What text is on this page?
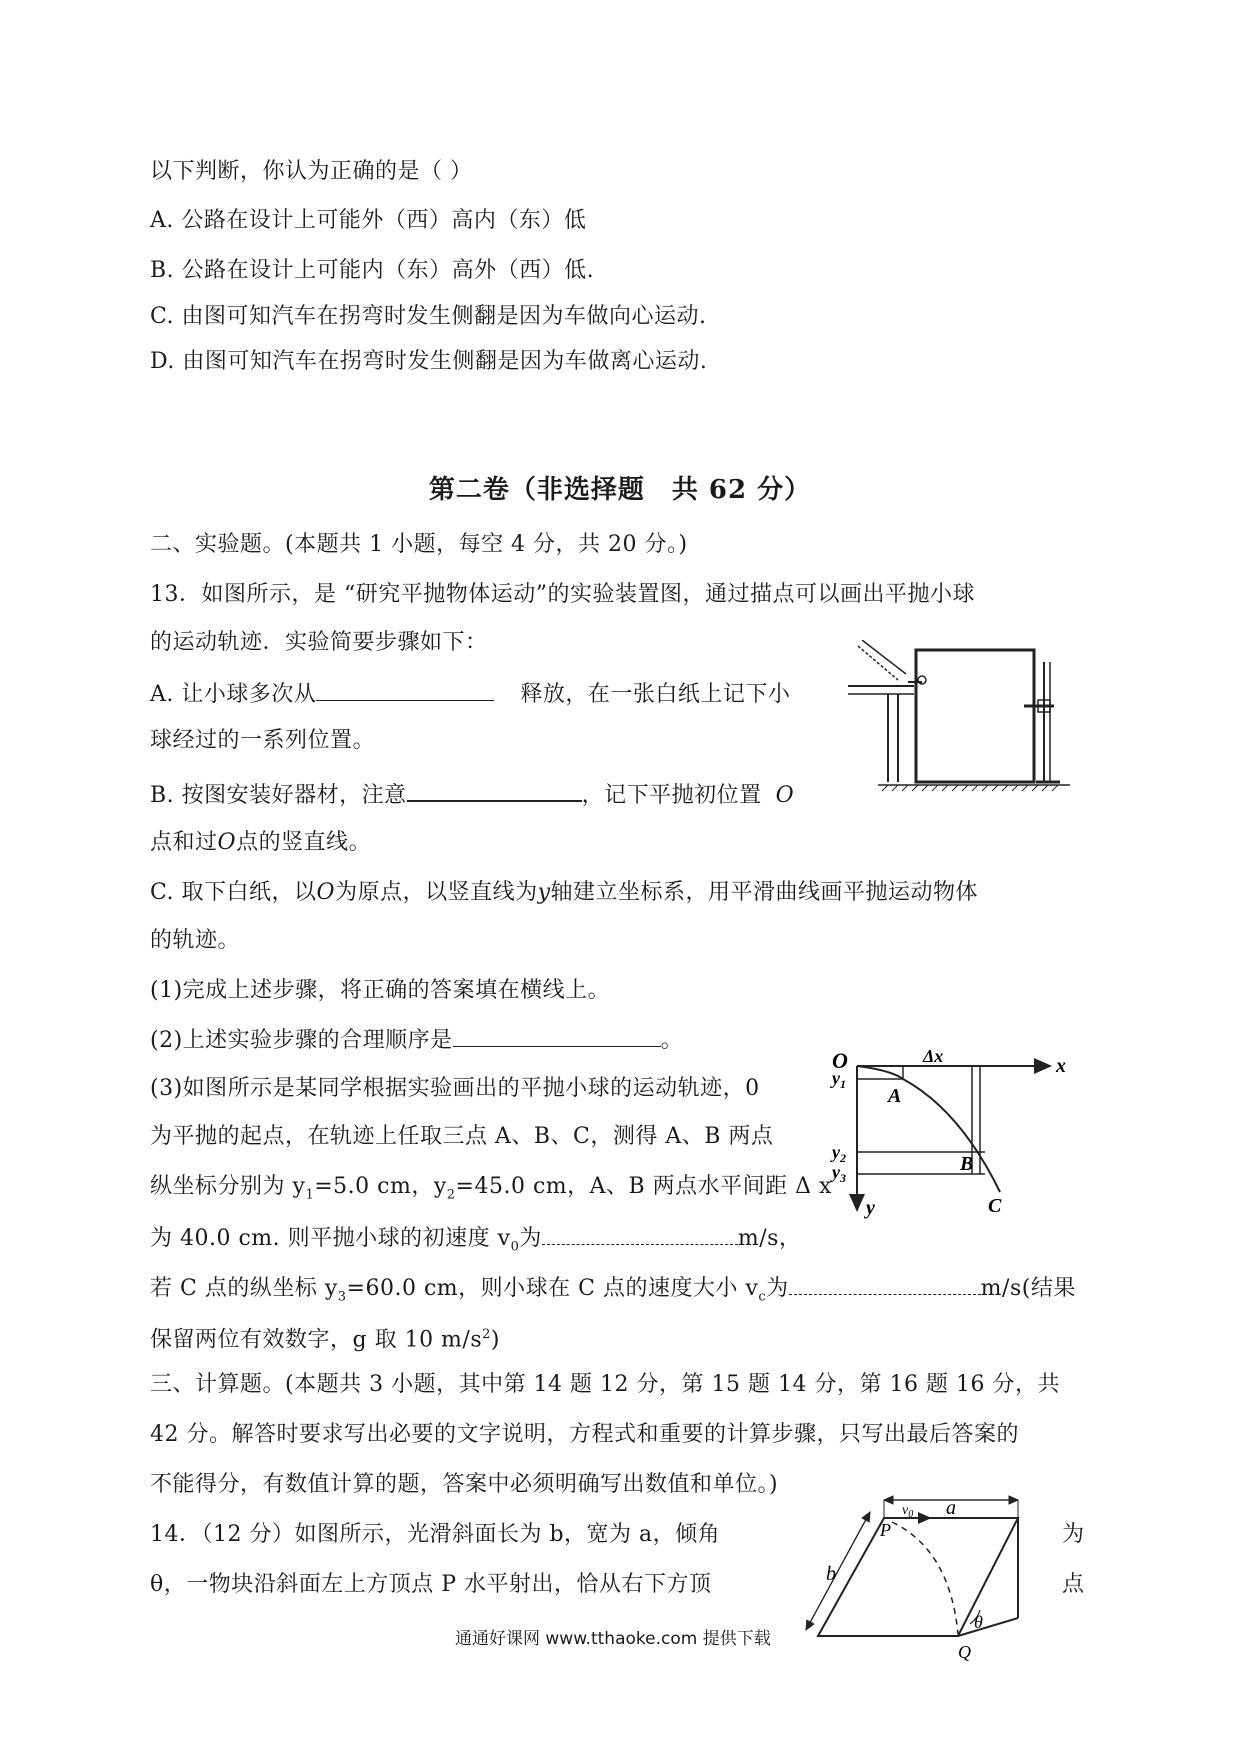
以下判断，你认为正确的是（ ）
A. 公路在设计上可能外（西）高内（东）低
B. 公路在设计上可能内（东）高外（西）低.
C. 由图可知汽车在拐弯时发生侧翻是因为车做向心运动.
D. 由图可知汽车在拐弯时发生侧翻是因为车做离心运动.
第二卷（非选择题　共 62 分）
二、实验题。(本题共 1 小题，每空 4 分，共 20 分。)
13．如图所示，是 “研究平抛物体运动”的实验装置图，通过描点可以画出平抛小球
的运动轨迹．实验简要步骤如下：
A. 让小球多次从	释放，在一张白纸上记下小
球经过的一系列位置。
B. 按图安装好器材，注意	，记下平抛初位置 O
点和过O点的竖直线。
C. 取下白纸，以O为原点，以竖直线为y轴建立坐标系，用平滑曲线画平抛运动物体
的轨迹。
(1)完成上述步骤，将正确的答案填在横线上。
(2)上述实验步骤的合理顺序是	。
(3)如图所示是某同学根据实验画出的平抛小球的运动轨迹，0
为平抛的起点，在轨迹上任取三点 A、B、C，测得 A、B 两点
纵坐标分别为 $y_1=5.0$ cm，$y_2=45.0$ cm，A、B 两点水平间距 Δ x
为 40.0 cm. 则平抛小球的初速度 $v_0$为	m/s，
若 C 点的纵坐标 $y_3=60.0$ cm，则小球在 C 点的速度大小 $v_c$为	m/s(结果
保留两位有效数字，g 取 10 $m/s^2$)
三、计算题。(本题共 3 小题，其中第 14 题 12 分，第 15 题 14 分，第 16 题 16 分，共
42 分。解答时要求写出必要的文字说明，方程式和重要的计算步骤，只写出最后答案的
不能得分，有数值计算的题，答案中必须明确写出数值和单位。)
14．（12 分）如图所示，光滑斜面长为 b，宽为 a，倾角	为
θ，一物块沿斜面左上方顶点 P 水平射出，恰从右下方顶	点
O	Δx	x
y
$y_1$
$y_2$
$y_3$
A
B
C
a
b
P
$v_0$
Q
θ
通通好课网 www.tthaoke.com 提供下载
